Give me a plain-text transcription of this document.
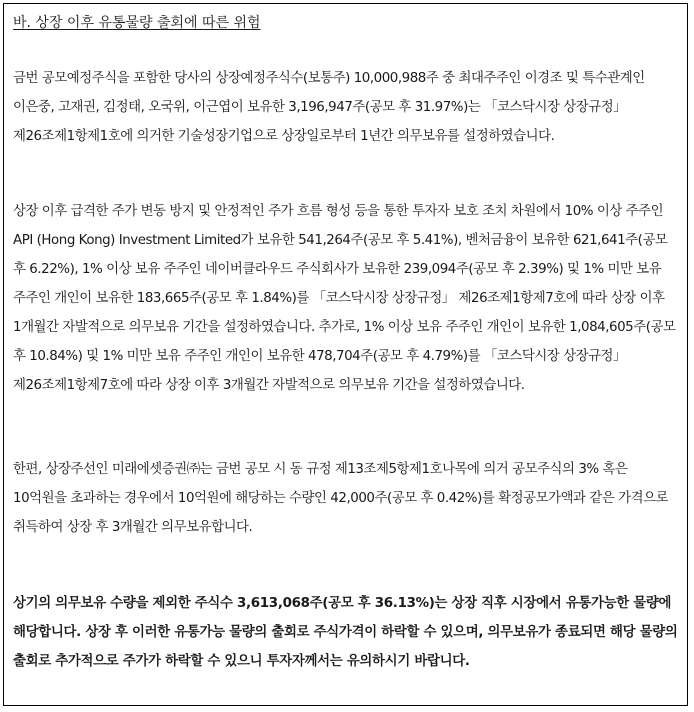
바. 상장 이후 유통물량 출회에 따른 위험

금번 공모예정주식을 포함한 당사의 상장예정주식수(보통주) 10,000,988주 중 최대주주인 이경조 및 특수관계인 이은중, 고재권, 김정태, 오국위, 이근엽이 보유한 3,196,947주(공모 후 31.97%)는 「코스닥시장 상장규정」 제26조제1항제1호에 의거한 기술성장기업으로 상장일로부터 1년간 의무보유를 설정하였습니다.

상장 이후 급격한 주가 변동 방지 및 안정적인 주가 흐름 형성 등을 통한 투자자 보호 조치 차원에서 10% 이상 주주인 API (Hong Kong) Investment Limited가 보유한 541,264주(공모 후 5.41%), 벤처금융이 보유한 621,641주(공모 후 6.22%), 1% 이상 보유 주주인 네이버클라우드 주식회사가 보유한 239,094주(공모 후 2.39%) 및 1% 미만 보유 주주인 개인이 보유한 183,665주(공모 후 1.84%)를 「코스닥시장 상장규정」 제26조제1항제7호에 따라 상장 이후 1개월간 자발적으로 의무보유 기간을 설정하였습니다. 추가로, 1% 이상 보유 주주인 개인이 보유한 1,084,605주(공모 후 10.84%) 및 1% 미만 보유 주주인 개인이 보유한 478,704주(공모 후 4.79%)를 「코스닥시장 상장규정」 제26조제1항제7호에 따라 상장 이후 3개월간 자발적으로 의무보유 기간을 설정하였습니다.

한편, 상장주선인 미래에셋증권㈜는 금번 공모 시 동 규정 제13조제5항제1호나목에 의거 공모주식의 3% 혹은 10억원을 초과하는 경우에서 10억원에 해당하는 수량인 42,000주(공모 후 0.42%)를 확정공모가액과 같은 가격으로 취득하여 상장 후 3개월간 의무보유합니다.

상기의 의무보유 수량을 제외한 주식수 3,613,068주(공모 후 36.13%)는 상장 직후 시장에서 유통가능한 물량에 해당합니다. 상장 후 이러한 유통가능 물량의 출회로 주식가격이 하락할 수 있으며, 의무보유가 종료되면 해당 물량의 출회로 추가적으로 주가가 하락할 수 있으니 투자자께서는 유의하시기 바랍니다.
